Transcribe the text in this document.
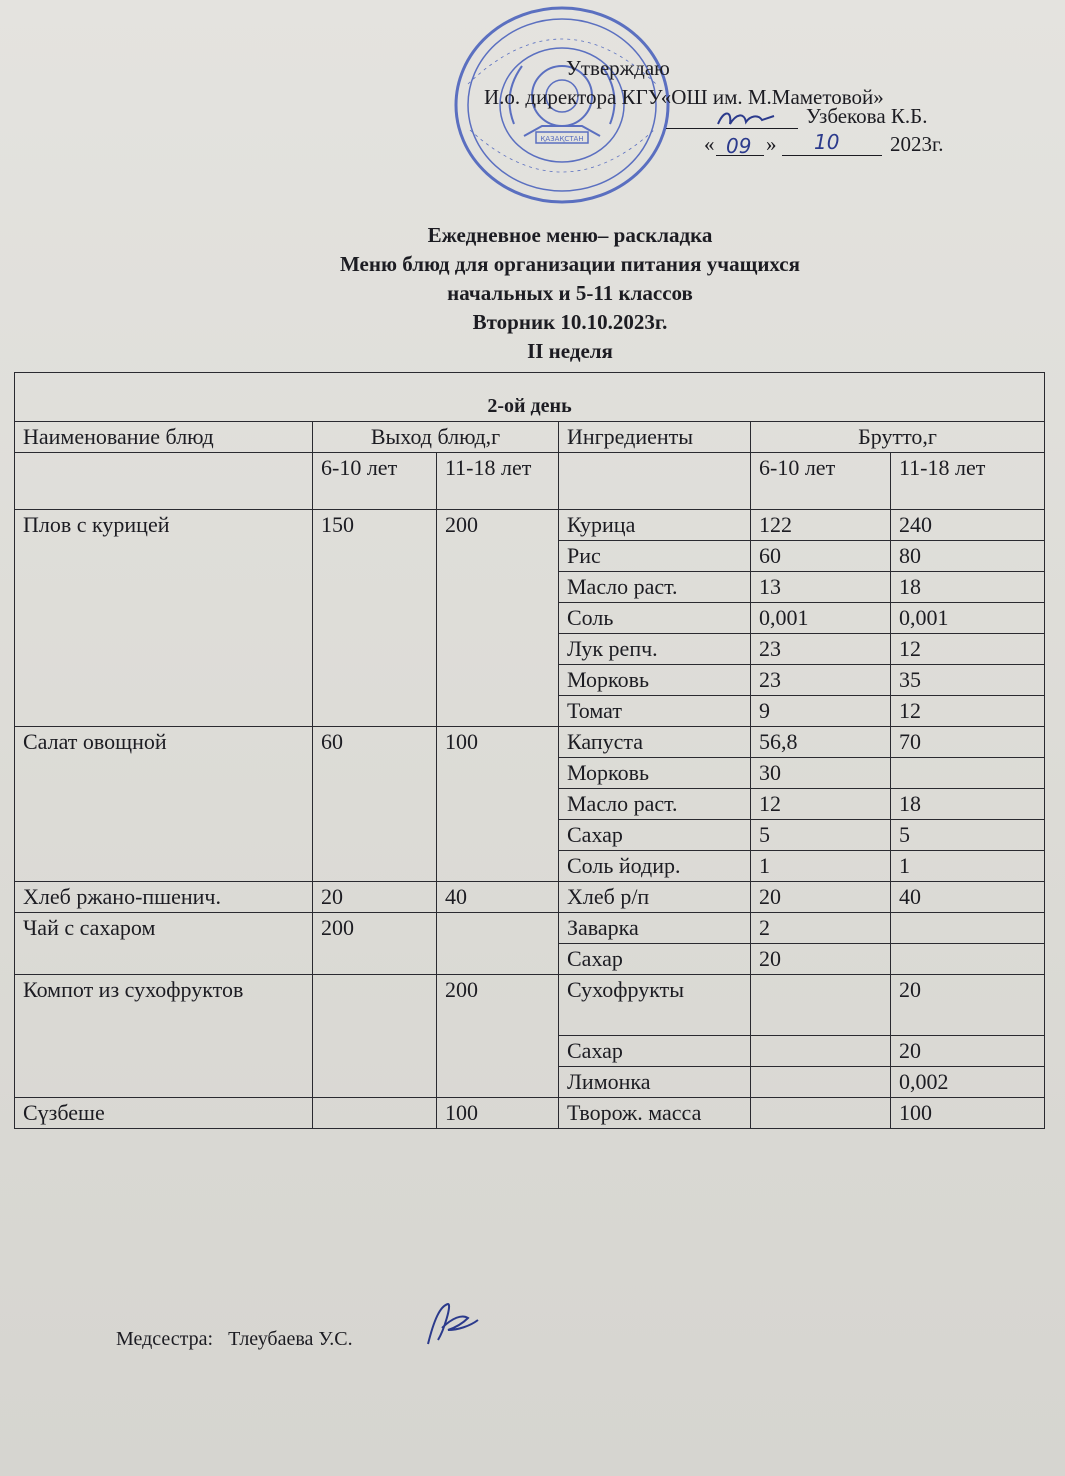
ҚАЗАҚСТАН
Утверждаю
И.о. директора КГУ«ОШ им. М.Маметовой»
Узбекова К.Б.
« 09 » 10 2023г.
Ежедневное меню– раскладка
Меню блюд для организации питания учащихся
начальных и 5-11 классов
Вторник 10.10.2023г.
II неделя
2-ой день					
Наименование блюд	Выход блюд,г		Ингредиенты	Брутто,г	
	6-10 лет	11-18 лет		6-10 лет	11-18 лет
Плов с курицей	150	200	Курица	122	240
			Рис	60	80
			Масло раст.	13	18
			Соль	0,001	0,001
			Лук репч.	23	12
			Морковь	23	35
			Томат	9	12
Салат овощной	60	100	Капуста	56,8	70
			Морковь	30	
			Масло раст.	12	18
			Сахар	5	5
			Соль йодир.	1	1
Хлеб ржано-пшенич.	20	40	Хлеб р/п	20	40
Чай с сахаром	200		Заварка	2	
			Сахар	20	
Компот из сухофруктов		200	Сухофрукты		20
			Сахар		20
			Лимонка		0,002
Сүзбеше		100	Творож. масса		100
Медсестра: Тлеубаева У.С.
